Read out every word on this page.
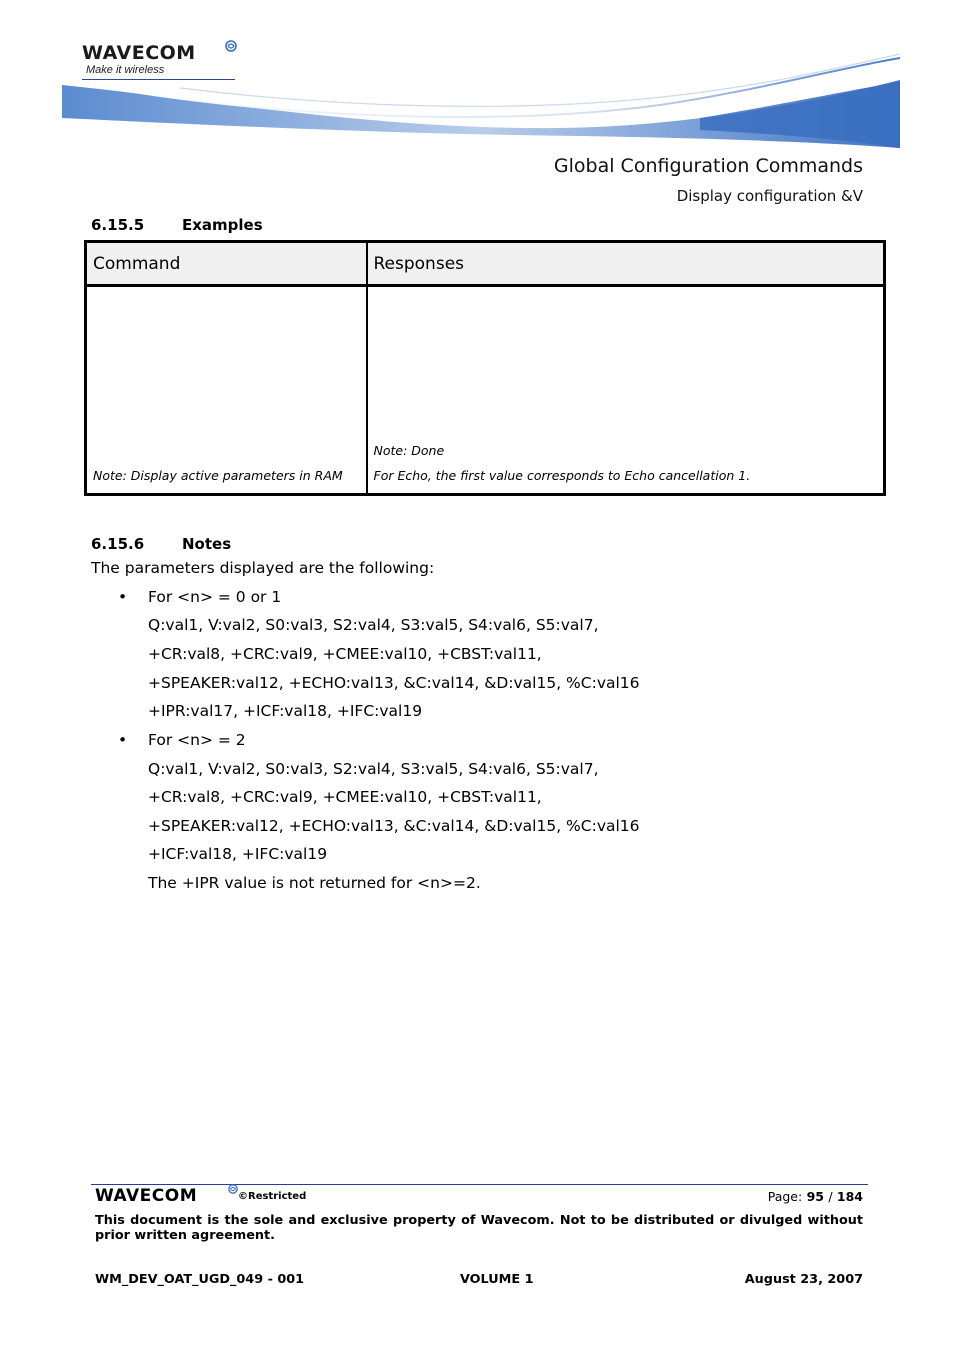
WAVECOM
Make it wireless
Global Configuration Commands
Display configuration &V
6.15.5	Examples
Command	Responses

Note: Display active parameters in RAM	Note: Done

For Echo, the first value corresponds to Echo cancellation 1.

6.15.6	Notes
The parameters displayed are the following:
• For <n> = 0 or 1
Q:val1, V:val2, S0:val3, S2:val4, S3:val5, S4:val6, S5:val7,
+CR:val8, +CRC:val9, +CMEE:val10, +CBST:val11,
+SPEAKER:val12, +ECHO:val13, &C:val14, &D:val15, %C:val16
+IPR:val17, +ICF:val18, +IFC:val19
• For <n> = 2
Q:val1, V:val2, S0:val3, S2:val4, S3:val5, S4:val6, S5:val7,
+CR:val8, +CRC:val9, +CMEE:val10, +CBST:val11,
+SPEAKER:val12, +ECHO:val13, &C:val14, &D:val15, %C:val16
+ICF:val18, +IFC:val19
The +IPR value is not returned for <n>=2.
WAVECOM	©Restricted	Page: 95 / 184
This document is the sole and exclusive property of Wavecom. Not to be distributed or divulged without prior written agreement.
WM_DEV_OAT_UGD_049 - 001	VOLUME 1	August 23, 2007
